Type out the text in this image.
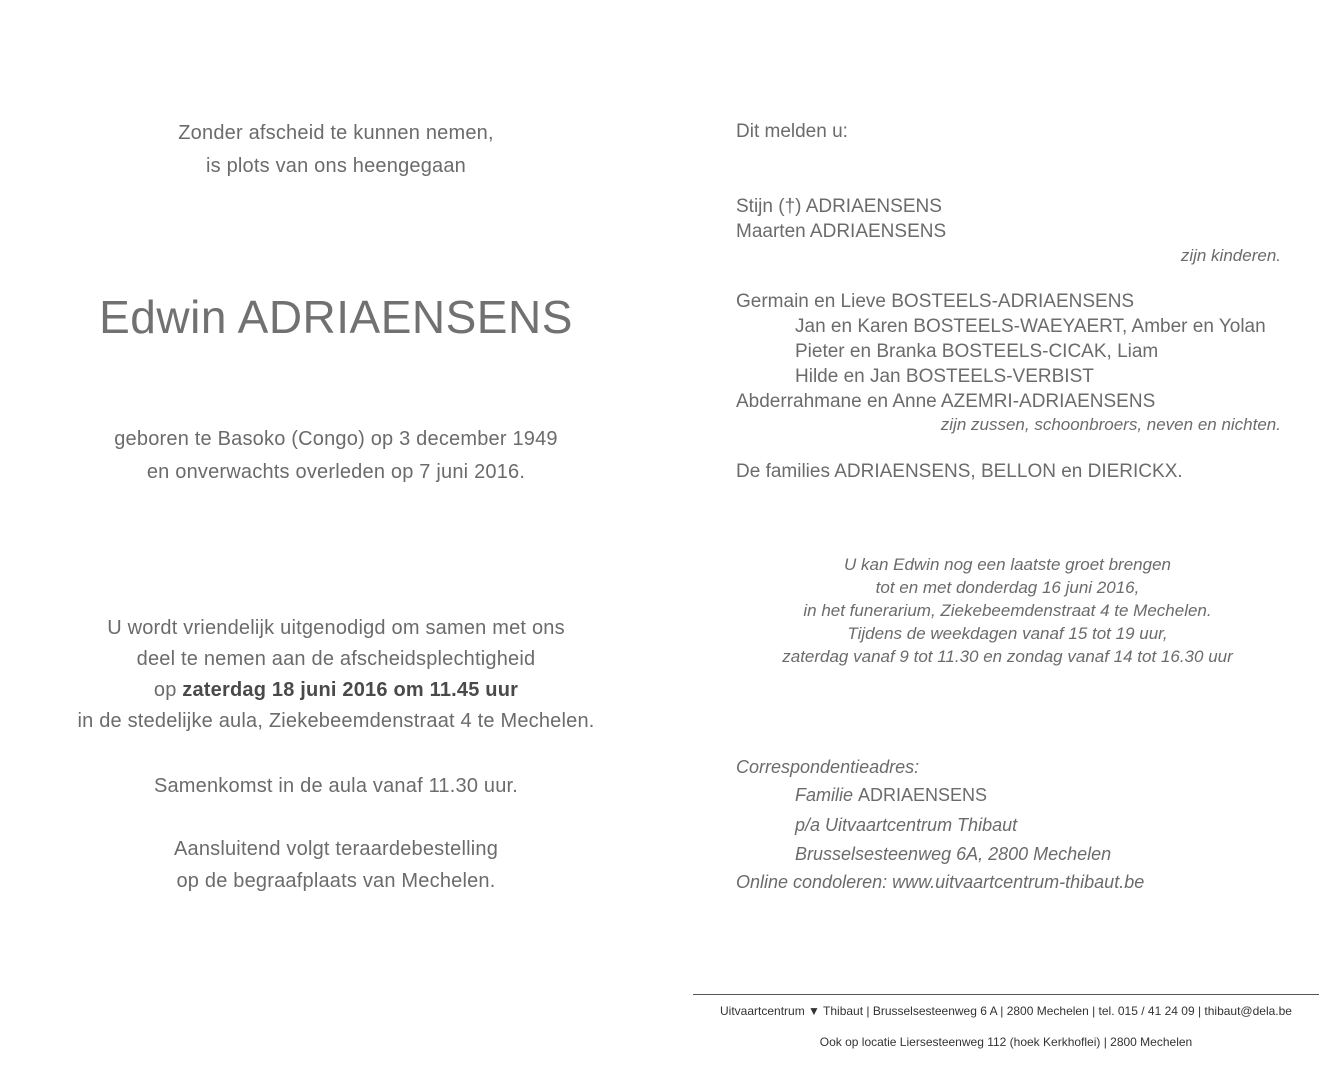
Zonder afscheid te kunnen nemen,
is plots van ons heengegaan
Edwin ADRIAENSENS
geboren te Basoko (Congo) op 3 december 1949
en onverwachts overleden op 7 juni 2016.
U wordt vriendelijk uitgenodigd om samen met ons
deel te nemen aan de afscheidsplechtigheid
op zaterdag 18 juni 2016 om 11.45 uur
in de stedelijke aula, Ziekebeemdenstraat 4 te Mechelen.
Samenkomst in de aula vanaf 11.30 uur.
Aansluitend volgt teraardebestelling
op de begraafplaats van Mechelen.
Dit melden u:
Stijn (†) ADRIAENSENS
Maarten ADRIAENSENS
zijn kinderen.
Germain en Lieve BOSTEELS-ADRIAENSENS
Jan en Karen BOSTEELS-WAEYAERT, Amber en Yolan
Pieter en Branka BOSTEELS-CICAK, Liam
Hilde en Jan BOSTEELS-VERBIST
Abderrahmane en Anne AZEMRI-ADRIAENSENS
zijn zussen, schoonbroers, neven en nichten.
De families ADRIAENSENS, BELLON en DIERICKX.
U kan Edwin nog een laatste groet brengen
tot en met donderdag 16 juni 2016,
in het funerarium, Ziekebeemdenstraat 4 te Mechelen.
Tijdens de weekdagen vanaf 15 tot 19 uur,
zaterdag vanaf 9 tot 11.30 en zondag vanaf 14 tot 16.30 uur
Correspondentieadres:
Familie ADRIAENSENS
p/a Uitvaartcentrum Thibaut
Brusselsesteenweg 6A, 2800 Mechelen
Online condoleren: www.uitvaartcentrum-thibaut.be
Uitvaartcentrum ▼ Thibaut | Brusselsesteenweg 6 A | 2800 Mechelen | tel. 015 / 41 24 09 | thibaut@dela.be
Ook op locatie Liersesteenweg 112 (hoek Kerkhoflei) | 2800 Mechelen
